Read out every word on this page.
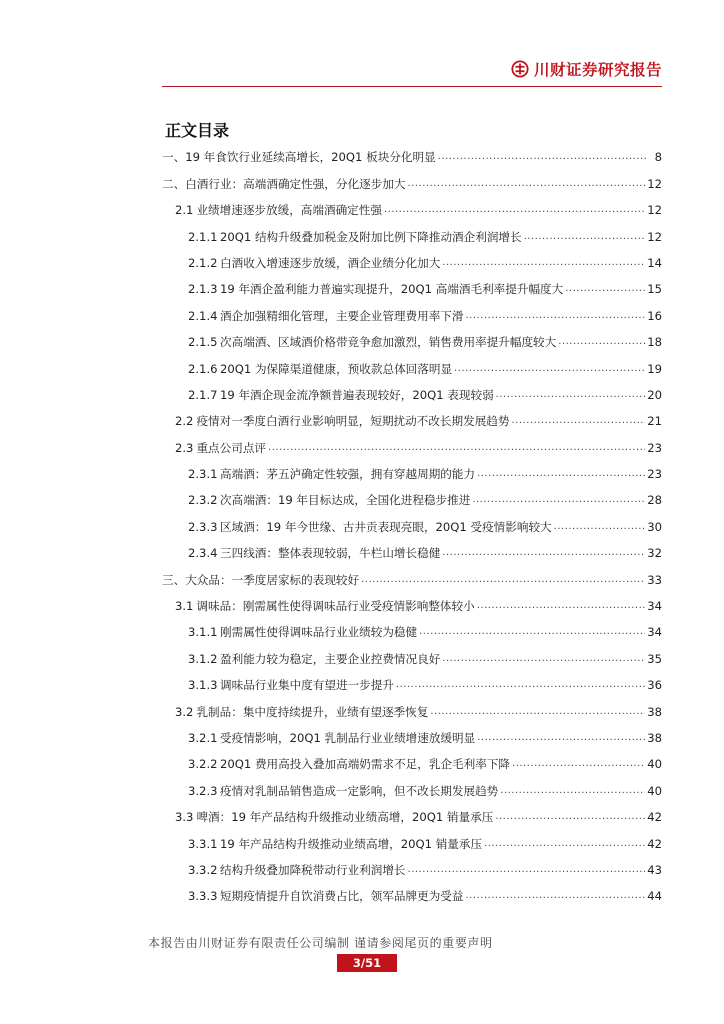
川财证券研究报告
正文目录
一、19 年食饮行业延续高增长，20Q1 板块分化明显 .....	8
二、白酒行业：高端酒确定性强，分化逐步加大 .....	12
2.1 业绩增速逐步放缓，高端酒确定性强 .....	12
2.1.1 20Q1 结构升级叠加税金及附加比例下降推动酒企利润增长 .....	12
2.1.2 白酒收入增速逐步放缓，酒企业绩分化加大 .....	14
2.1.3 19 年酒企盈利能力普遍实现提升，20Q1 高端酒毛利率提升幅度大 .....	15
2.1.4 酒企加强精细化管理，主要企业管理费用率下滑 .....	16
2.1.5 次高端酒、区域酒价格带竞争愈加激烈，销售费用率提升幅度较大 .....	18
2.1.6 20Q1 为保障渠道健康，预收款总体回落明显 .....	19
2.1.7 19 年酒企现金流净额普遍表现较好，20Q1 表现较弱 .....	20
2.2 疫情对一季度白酒行业影响明显，短期扰动不改长期发展趋势 .....	21
2.3 重点公司点评 .....	23
2.3.1 高端酒：茅五泸确定性较强，拥有穿越周期的能力 .....	23
2.3.2 次高端酒：19 年目标达成，全国化进程稳步推进 .....	28
2.3.3 区域酒：19 年今世缘、古井贡表现亮眼，20Q1 受疫情影响较大 .....	30
2.3.4 三四线酒：整体表现较弱，牛栏山增长稳健 .....	32
三、大众品：一季度居家标的表现较好 .....	33
3.1 调味品：刚需属性使得调味品行业受疫情影响整体较小 .....	34
3.1.1 刚需属性使得调味品行业业绩较为稳健 .....	34
3.1.2 盈利能力较为稳定，主要企业控费情况良好 .....	35
3.1.3 调味品行业集中度有望进一步提升 .....	36
3.2 乳制品：集中度持续提升，业绩有望逐季恢复 .....	38
3.2.1 受疫情影响，20Q1 乳制品行业业绩增速放缓明显 .....	38
3.2.2 20Q1 费用高投入叠加高端奶需求不足，乳企毛利率下降 .....	40
3.2.3 疫情对乳制品销售造成一定影响，但不改长期发展趋势 .....	40
3.3 啤酒：19 年产品结构升级推动业绩高增，20Q1 销量承压 .....	42
3.3.1 19 年产品结构升级推动业绩高增，20Q1 销量承压 .....	42
3.3.2 结构升级叠加降税带动行业利润增长 .....	43
3.3.3 短期疫情提升自饮消费占比，领军品牌更为受益 .....	44
本报告由川财证券有限责任公司编制 谨请参阅尾页的重要声明
3/51
